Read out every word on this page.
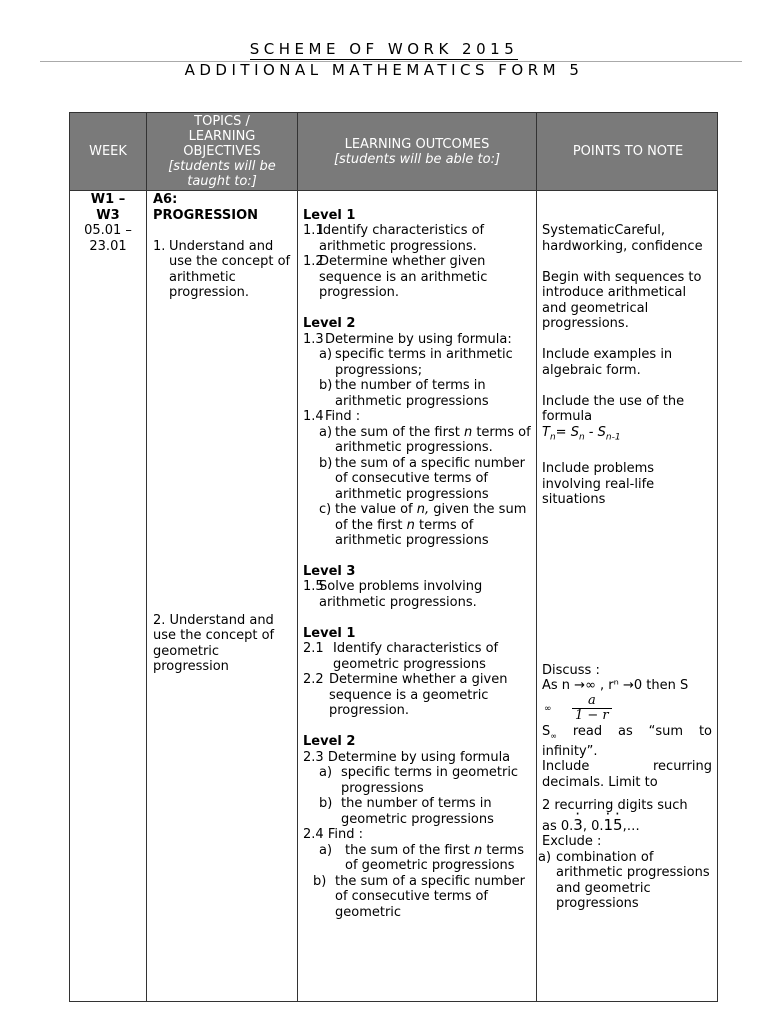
SCHEME OF WORK 2015
ADDITIONAL MATHEMATICS FORM 5
WEEK
TOPICS / LEARNING OBJECTIVES
[students will be taught to:]
LEARNING OUTCOMES
[students will be able to:]	POINTS TO NOTE
W1 – W3
05.01 – 23.01
A6:
PROGRESSION
1. Understand and use the concept of arithmetic progression.
2. Understand and use the concept of geometric progression
Level 1
1.1
Identify characteristics of arithmetic progressions.
1.2
Determine whether given sequence is an arithmetic progression.
Level 2
1.3 Determine by using formula:
a) specific terms in arithmetic progressions;
b) the number of terms in arithmetic progressions
1.4 Find :
a) the sum of the first n terms of arithmetic progressions.
b) the sum of a specific number of consecutive terms of arithmetic progressions
c) the value of n, given the sum of the first n terms of arithmetic progressions
Level 3
1.5
Solve problems involving arithmetic progressions.
Level 1
2.1 Identify characteristics of geometric progressions
2.2 Determine whether a given sequence is a geometric progression.
Level 2
2.3 Determine by using formula
a) specific terms in geometric progressions
b) the number of terms in geometric progressions
2.4 Find :
a) the sum of the first n terms of geometric progressions
b) the sum of a specific number of consecutive terms of geometric
SystematicCareful, hardworking, confidence
Begin with sequences to introduce arithmetical and geometrical progressions.
Include examples in algebraic form.
Include the use of the formula
$T_n= S_n - S_{n-1}$
Include problems involving real-life situations
Discuss :
As n →∞ , rⁿ →0 then S
∞ $\frac{a}{1 - r}$
$S_\infty$ read as “sum to infinity”.
Include recurring decimals. Limit to
2 recurring digits such
as 0.· 3, 0.· 1· 5,…
Exclude :
a) combination of arithmetic progressions and geometric progressions
